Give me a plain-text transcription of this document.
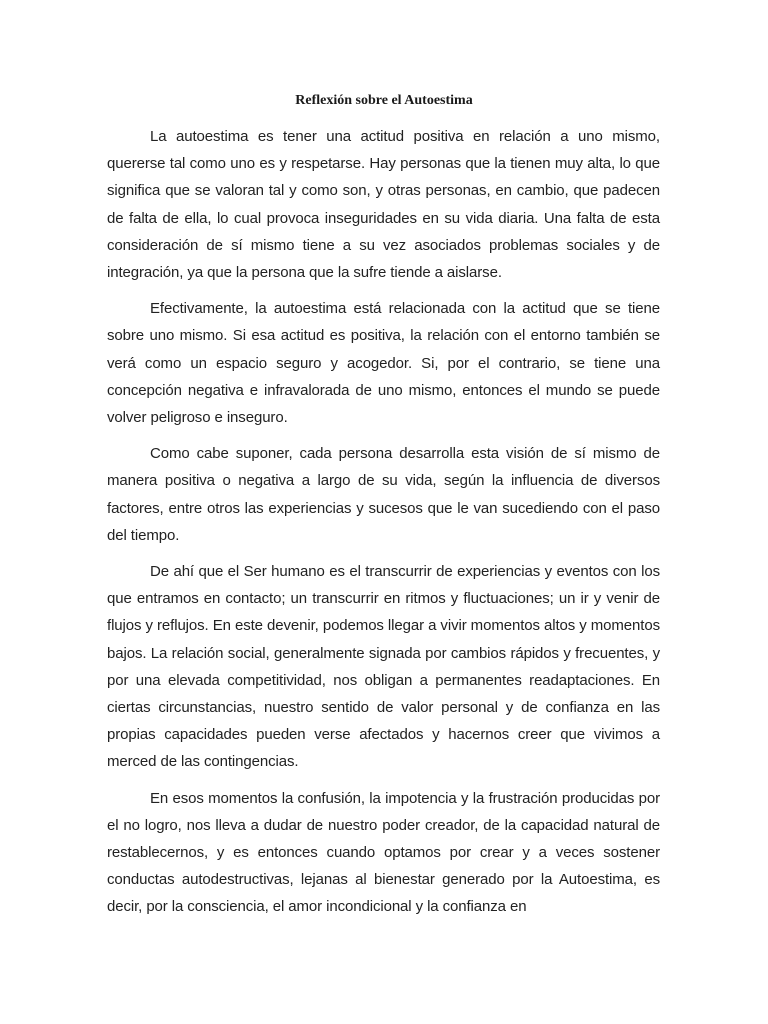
Reflexión sobre el Autoestima

La autoestima es tener una actitud positiva en relación a uno mismo, quererse tal como uno es y respetarse. Hay personas que la tienen muy alta, lo que significa que se valoran tal y como son, y otras personas, en cambio, que padecen de falta de ella, lo cual provoca inseguridades en su vida diaria. Una falta de esta consideración de sí mismo tiene a su vez asociados problemas sociales y de integración, ya que la persona que la sufre tiende a aislarse.

Efectivamente, la autoestima está relacionada con la actitud que se tiene sobre uno mismo. Si esa actitud es positiva, la relación con el entorno también se verá como un espacio seguro y acogedor. Si, por el contrario, se tiene una concepción negativa e infravalorada de uno mismo, entonces el mundo se puede volver peligroso e inseguro.

Como cabe suponer, cada persona desarrolla esta visión de sí mismo de manera positiva o negativa a largo de su vida, según la influencia de diversos factores, entre otros las experiencias y sucesos que le van sucediendo con el paso del tiempo.

De ahí que el Ser humano es el transcurrir de experiencias y eventos con los que entramos en contacto; un transcurrir en ritmos y fluctuaciones; un ir y venir de flujos y reflujos. En este devenir, podemos llegar a vivir momentos altos y momentos bajos. La relación social, generalmente signada por cambios rápidos y frecuentes, y por una elevada competitividad, nos obligan a permanentes readaptaciones. En ciertas circunstancias, nuestro sentido de valor personal y de confianza en las propias capacidades pueden verse afectados y hacernos creer que vivimos a merced de las contingencias.

En esos momentos la confusión, la impotencia y la frustración producidas por el no logro, nos lleva a dudar de nuestro poder creador, de la capacidad natural de restablecernos, y es entonces cuando optamos por crear y a veces sostener conductas autodestructivas, lejanas al bienestar generado por la Autoestima, es decir, por la consciencia, el amor incondicional y la confianza en
